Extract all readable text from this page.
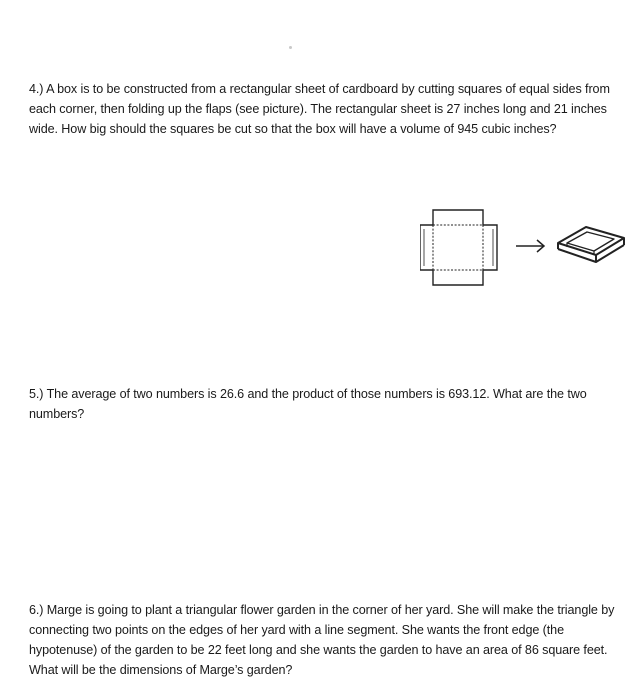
4.) A box is to be constructed from a rectangular sheet of cardboard by cutting squares of equal sides from each corner, then folding up the flaps (see picture). The rectangular sheet is 27 inches long and 21 inches wide. How big should the squares be cut so that the box will have a volume of 945 cubic inches?
5.) The average of two numbers is 26.6 and the product of those numbers is 693.12. What are the two numbers?
6.) Marge is going to plant a triangular flower garden in the corner of her yard. She will make the triangle by connecting two points on the edges of her yard with a line segment. She wants the front edge (the hypotenuse) of the garden to be 22 feet long and she wants the garden to have an area of 86 square feet. What will be the dimensions of Marge’s garden?
